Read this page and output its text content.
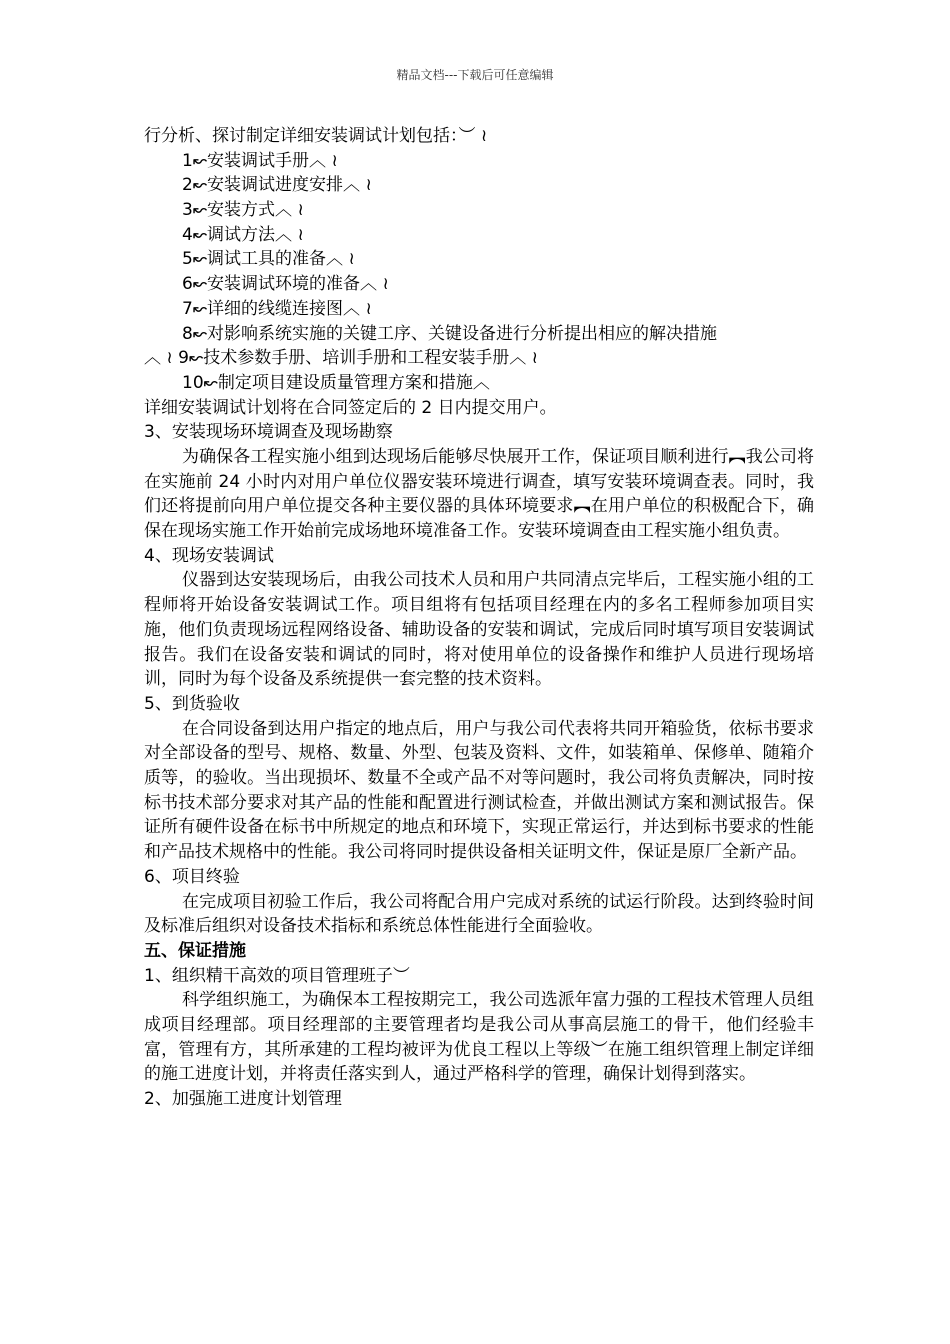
精品文档---下载后可任意编辑
行分析、探讨制定详细安装调试计划包括：︶ ≀
1↜安装调试手册︿ ≀
2↜安装调试进度安排︿ ≀
3↜安装方式︿ ≀
4↜调试方法︿ ≀
5↜调试工具的准备︿ ≀
6↜安装调试环境的准备︿ ≀
7↜详细的线缆连接图︿ ≀
8↜对影响系统实施的关键工序、关键设备进行分析提出相应的解决措施
︿ ≀ 9↜技术参数手册、培训手册和工程安装手册︿ ≀
10↜制定项目建设质量管理方案和措施︿
详细安装调试计划将在合同签定后的 2 日内提交用户。
3、安装现场环境调查及现场勘察
为确保各工程实施小组到达现场后能够尽快展开工作，保证项目顺利进行︻我公司将在实施前 24 小时内对用户单位仪器安装环境进行调查，填写安装环境调查表。同时，我们还将提前向用户单位提交各种主要仪器的具体环境要求︻在用户单位的积极配合下，确保在现场实施工作开始前完成场地环境准备工作。安装环境调查由工程实施小组负责。
4、现场安装调试
仪器到达安装现场后，由我公司技术人员和用户共同清点完毕后，工程实施小组的工程师将开始设备安装调试工作。项目组将有包括项目经理在内的多名工程师参加项目实施，他们负责现场远程网络设备、辅助设备的安装和调试，完成后同时填写项目安装调试报告。我们在设备安装和调试的同时，将对使用单位的设备操作和维护人员进行现场培训，同时为每个设备及系统提供一套完整的技术资料。
5、到货验收
在合同设备到达用户指定的地点后，用户与我公司代表将共同开箱验货，依标书要求对全部设备的型号、规格、数量、外型、包装及资料、文件，如装箱单、保修单、随箱介质等，的验收。当出现损坏、数量不全或产品不对等问题时，我公司将负责解决，同时按标书技术部分要求对其产品的性能和配置进行测试检查，并做出测试方案和测试报告。保证所有硬件设备在标书中所规定的地点和环境下，实现正常运行，并达到标书要求的性能和产品技术规格中的性能。我公司将同时提供设备相关证明文件，保证是原厂全新产品。
6、项目终验
在完成项目初验工作后，我公司将配合用户完成对系统的试运行阶段。达到终验时间及标准后组织对设备技术指标和系统总体性能进行全面验收。
五、保证措施
1、组织精干高效的项目管理班子︶
科学组织施工，为确保本工程按期完工，我公司选派年富力强的工程技术管理人员组成项目经理部。项目经理部的主要管理者均是我公司从事高层施工的骨干，他们经验丰富，管理有方，其所承建的工程均被评为优良工程以上等级︶在施工组织管理上制定详细的施工进度计划，并将责任落实到人，通过严格科学的管理，确保计划得到落实。
2、加强施工进度计划管理
